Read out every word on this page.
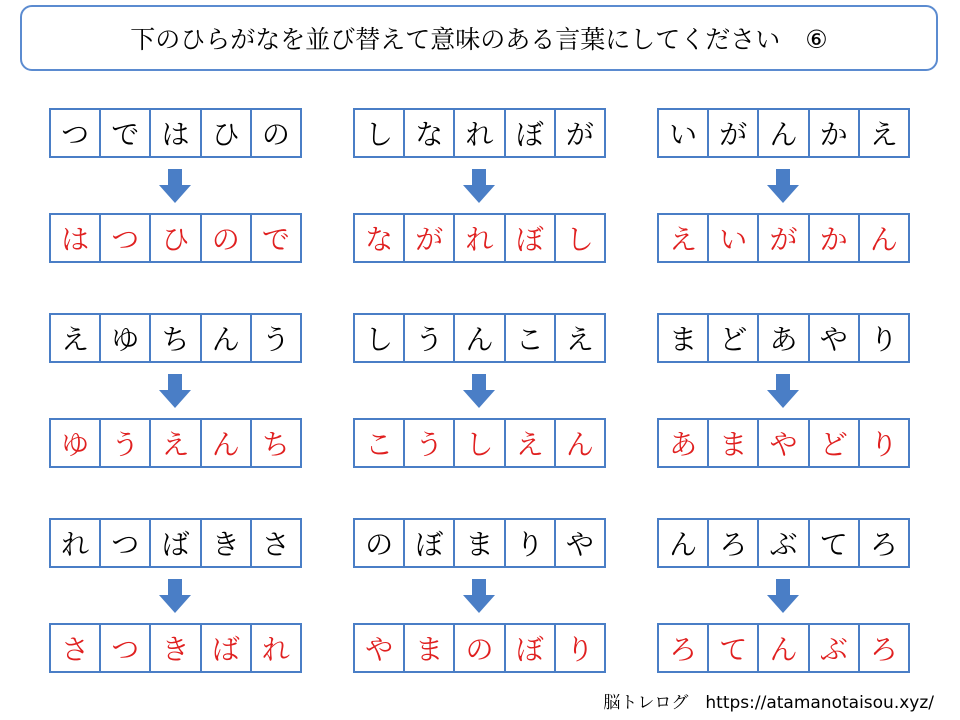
下のひらがなを並び替えて意味のある言葉にしてください　⑥
つ で は ひ の
は つ ひ の で
し な れ ぼ が
な が れ ぼ し
い が ん か え
え い が か ん
え ゆ ち ん う
ゆ う え ん ち
し う ん こ え
こ う し え ん
ま ど あ や り
あ ま や ど り
れ つ ば き さ
さ つ き ば れ
の ぼ ま り や
や ま の ぼ り
ん ろ ぶ て ろ
ろ て ん ぶ ろ
脳トレログ　https://atamanotaisou.xyz/
